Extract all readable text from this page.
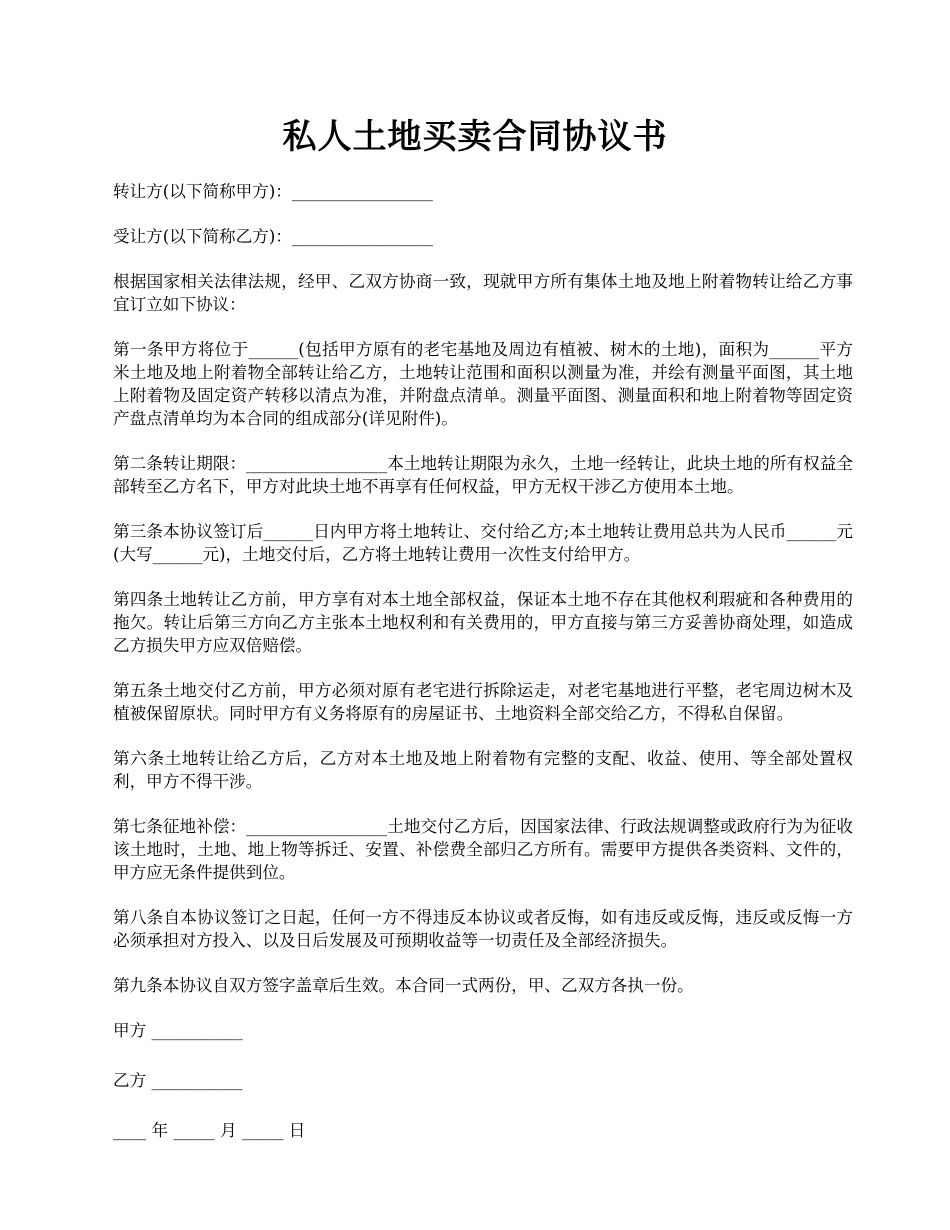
私人土地买卖合同协议书

转让方(以下简称甲方)：_________________

受让方(以下简称乙方)：_________________

根据国家相关法律法规，经甲、乙双方协商一致，现就甲方所有集体土地及地上附着物转让给乙方事宜订立如下协议：

第一条甲方将位于______(包括甲方原有的老宅基地及周边有植被、树木的土地)，面积为______平方米土地及地上附着物全部转让给乙方，土地转让范围和面积以测量为准，并绘有测量平面图，其土地上附着物及固定资产转移以清点为准，并附盘点清单。测量平面图、测量面积和地上附着物等固定资产盘点清单均为本合同的组成部分(详见附件)。

第二条转让期限：_________________本土地转让期限为永久，土地一经转让，此块土地的所有权益全部转至乙方名下，甲方对此块土地不再享有任何权益，甲方无权干涉乙方使用本土地。

第三条本协议签订后______日内甲方将土地转让、交付给乙方;本土地转让费用总共为人民币______元(大写______元)，土地交付后，乙方将土地转让费用一次性支付给甲方。

第四条土地转让乙方前，甲方享有对本土地全部权益，保证本土地不存在其他权利瑕疵和各种费用的拖欠。转让后第三方向乙方主张本土地权利和有关费用的，甲方直接与第三方妥善协商处理，如造成乙方损失甲方应双倍赔偿。

第五条土地交付乙方前，甲方必须对原有老宅进行拆除运走，对老宅基地进行平整，老宅周边树木及植被保留原状。同时甲方有义务将原有的房屋证书、土地资料全部交给乙方，不得私自保留。

第六条土地转让给乙方后，乙方对本土地及地上附着物有完整的支配、收益、使用、等全部处置权利，甲方不得干涉。

第七条征地补偿：_________________土地交付乙方后，因国家法律、行政法规调整或政府行为为征收该土地时，土地、地上物等拆迁、安置、补偿费全部归乙方所有。需要甲方提供各类资料、文件的，甲方应无条件提供到位。

第八条自本协议签订之日起，任何一方不得违反本协议或者反悔，如有违反或反悔，违反或反悔一方必须承担对方投入、以及日后发展及可预期收益等一切责任及全部经济损失。

第九条本协议自双方签字盖章后生效。本合同一式两份，甲、乙双方各执一份。

甲方 ___________

乙方 ___________

____ 年 _____ 月 _____ 日
